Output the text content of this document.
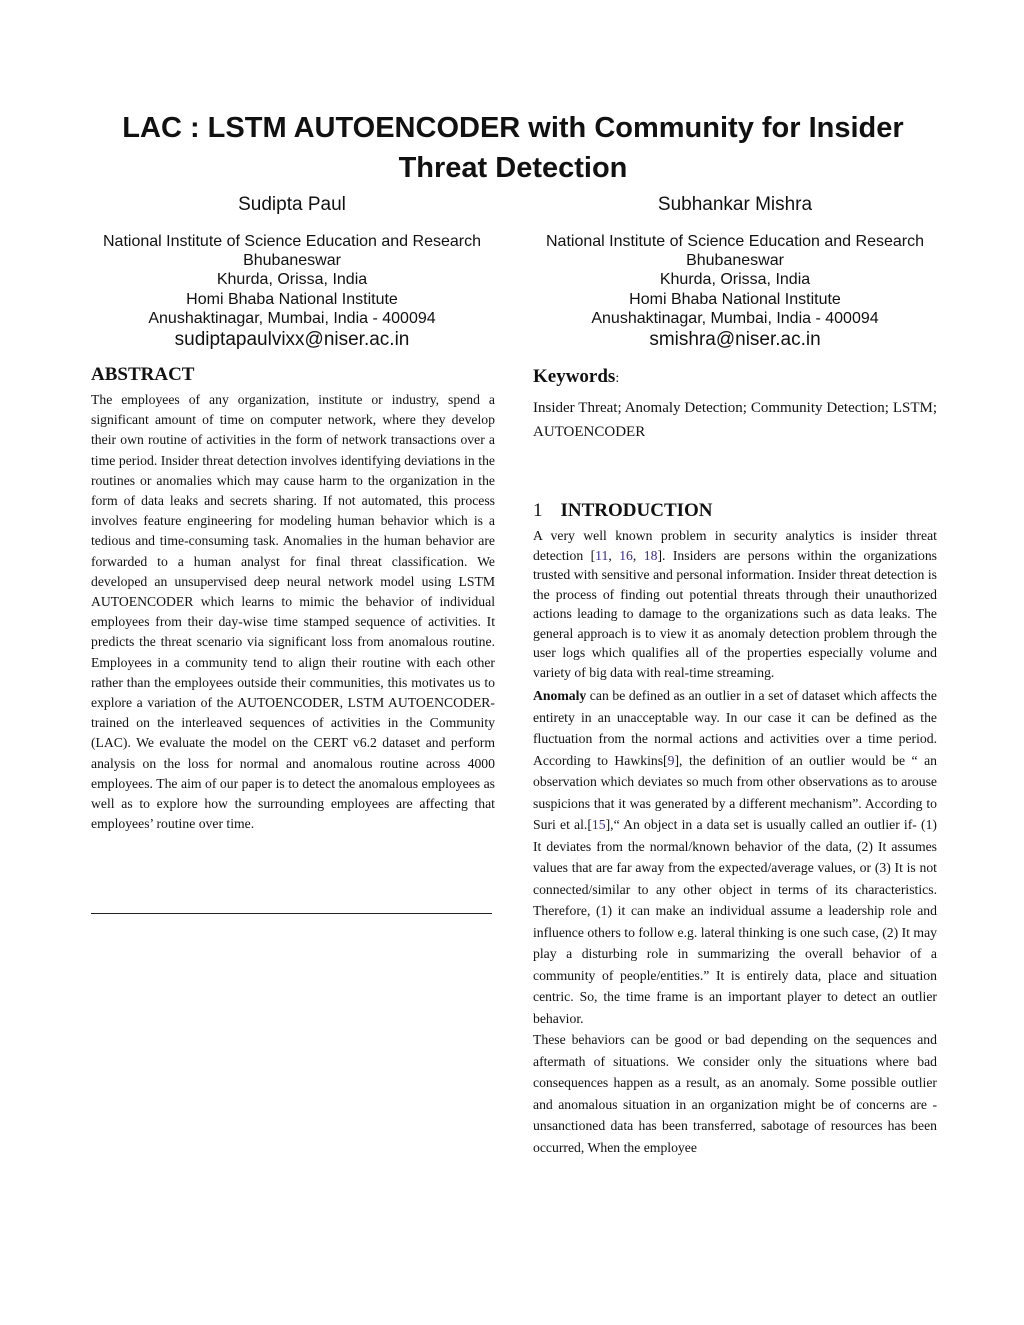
LAC : LSTM AUTOENCODER with Community for Insider Threat Detection
Sudipta Paul
National Institute of Science Education and Research
Bhubaneswar
Khurda, Orissa, India
Homi Bhaba National Institute
Anushaktinagar, Mumbai, India - 400094
sudiptapaulvixx@niser.ac.in
Subhankar Mishra
National Institute of Science Education and Research
Bhubaneswar
Khurda, Orissa, India
Homi Bhaba National Institute
Anushaktinagar, Mumbai, India - 400094
smishra@niser.ac.in
ABSTRACT

The employees of any organization, institute or industry, spend a significant amount of time on computer network, where they develop their own routine of activities in the form of network transactions over a time period. Insider threat detection involves identifying deviations in the routines or anomalies which may cause harm to the organization in the form of data leaks and secrets sharing. If not automated, this process involves feature engineering for modeling human behavior which is a tedious and time-consuming task. Anomalies in the human behavior are forwarded to a human analyst for final threat classification. We developed an unsupervised deep neural network model using LSTM AUTOENCODER which learns to mimic the behavior of individual employees from their day-wise time stamped sequence of activities. It predicts the threat scenario via significant loss from anomalous routine. Employees in a community tend to align their routine with each other rather than the employees outside their communities, this motivates us to explore a variation of the AUTOENCODER, LSTM AUTOENCODER- trained on the interleaved sequences of activities in the Community (LAC). We evaluate the model on the CERT v6.2 dataset and perform analysis on the loss for normal and anomalous routine across 4000 employees. The aim of our paper is to detect the anomalous employees as well as to explore how the surrounding employees are affecting that employees’ routine over time.

Keywords:

Insider Threat; Anomaly Detection; Community Detection; LSTM; AUTOENCODER

1 INTRODUCTION

A very well known problem in security analytics is insider threat detection [11, 16, 18]. Insiders are persons within the organizations trusted with sensitive and personal information. Insider threat detection is the process of finding out potential threats through their unauthorized actions leading to damage to the organizations such as data leaks. The general approach is to view it as anomaly detection problem through the user logs which qualifies all of the properties especially volume and variety of big data with real-time streaming.

Anomaly can be defined as an outlier in a set of dataset which affects the entirety in an unacceptable way. In our case it can be defined as the fluctuation from the normal actions and activities over a time period. According to Hawkins[9], the definition of an outlier would be “ an observation which deviates so much from other observations as to arouse suspicions that it was generated by a different mechanism”. According to Suri et al.[15],“ An object in a data set is usually called an outlier if- (1) It deviates from the normal/known behavior of the data, (2) It assumes values that are far away from the expected/average values, or (3) It is not connected/similar to any other object in terms of its characteristics. Therefore, (1) it can make an individual assume a leadership role and influence others to follow e.g. lateral thinking is one such case, (2) It may play a disturbing role in summarizing the overall behavior of a community of people/entities.” It is entirely data, place and situation centric. So, the time frame is an important player to detect an outlier behavior.

These behaviors can be good or bad depending on the sequences and aftermath of situations. We consider only the situations where bad consequences happen as a result, as an anomaly. Some possible outlier and anomalous situation in an organization might be of concerns are - unsanctioned data has been transferred, sabotage of resources has been occurred, When the employee
